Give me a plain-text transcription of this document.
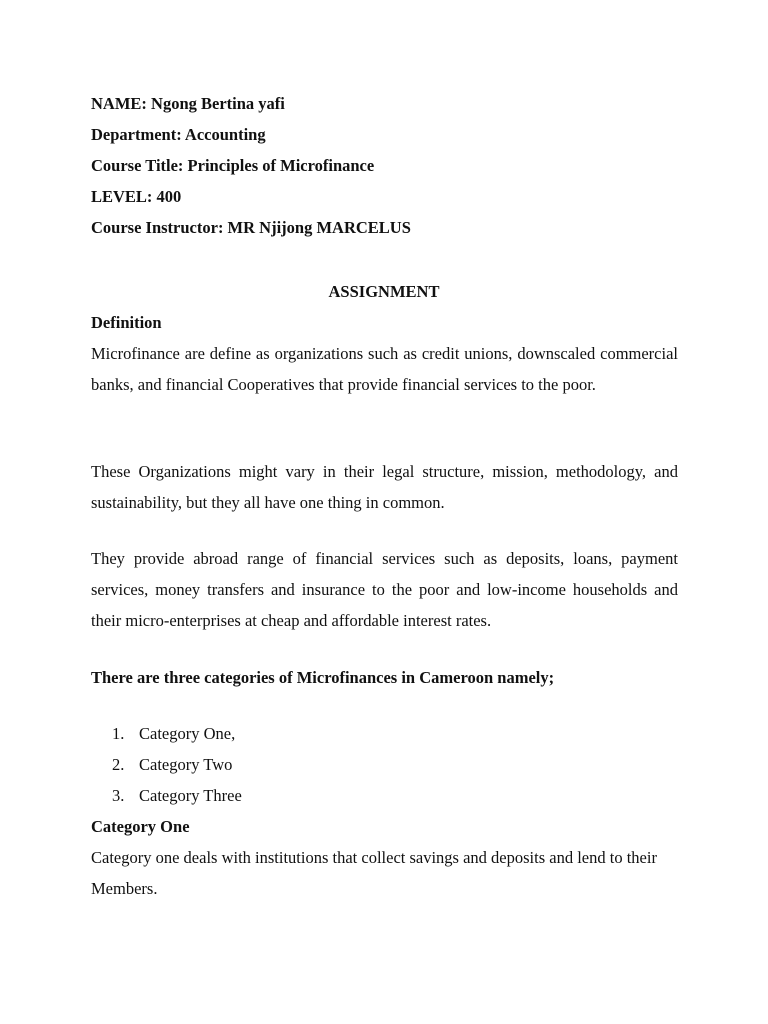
NAME: Ngong Bertina yafi
Department: Accounting
Course Title: Principles of Microfinance
LEVEL: 400
Course Instructor: MR Njijong MARCELUS
ASSIGNMENT
Definition
Microfinance are define as organizations such as credit unions, downscaled commercial banks, and financial Cooperatives that provide financial services to the poor.
These Organizations might vary in their legal structure, mission, methodology, and sustainability, but they all have one thing in common.
They provide abroad range of financial services such as deposits, loans, payment services, money transfers and insurance to the poor and low-income households and their micro-enterprises at cheap and affordable interest rates.
There are three categories of Microfinances in Cameroon namely;
1. Category One,
2. Category Two
3. Category Three
Category One
Category one deals with institutions that collect savings and deposits and lend to their Members.
